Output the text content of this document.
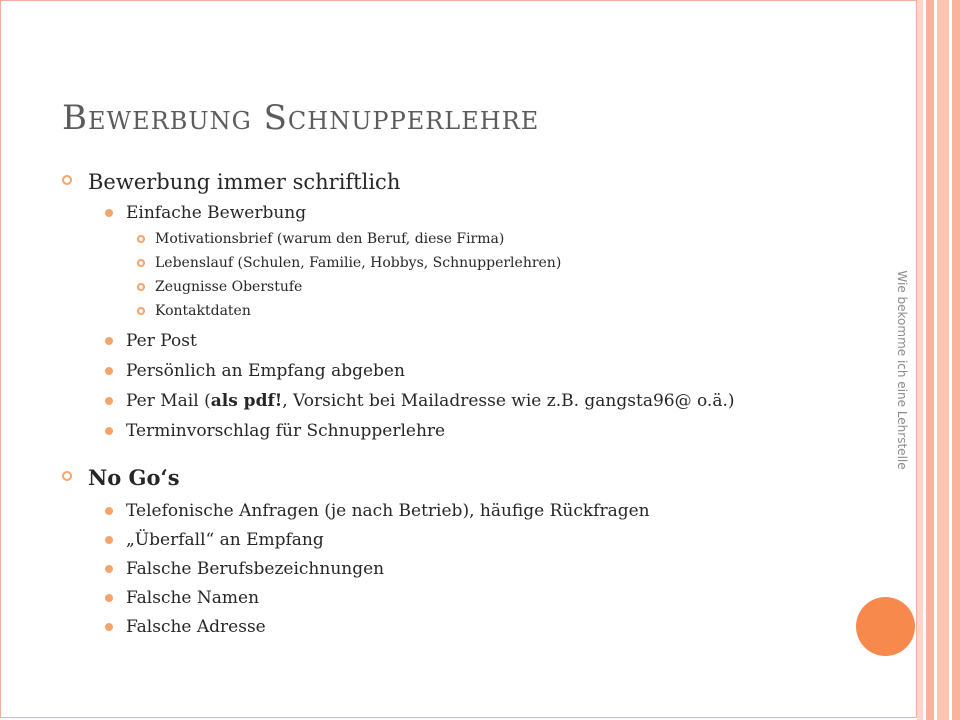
Bewerbung Schnupperlehre
Bewerbung immer schriftlich
Einfache Bewerbung
Motivationsbrief (warum den Beruf, diese Firma)
Lebenslauf (Schulen, Familie, Hobbys, Schnupperlehren)
Zeugnisse Oberstufe
Kontaktdaten
Per Post
Persönlich an Empfang abgeben
Per Mail (als pdf!, Vorsicht bei Mailadresse wie z.B. gangsta96@ o.ä.)
Terminvorschlag für Schnupperlehre
No Go‘s
Telefonische Anfragen (je nach Betrieb), häufige Rückfragen
„Überfall“ an Empfang
Falsche Berufsbezeichnungen
Falsche Namen
Falsche Adresse
Wie bekomme ich eine Lehrstelle
